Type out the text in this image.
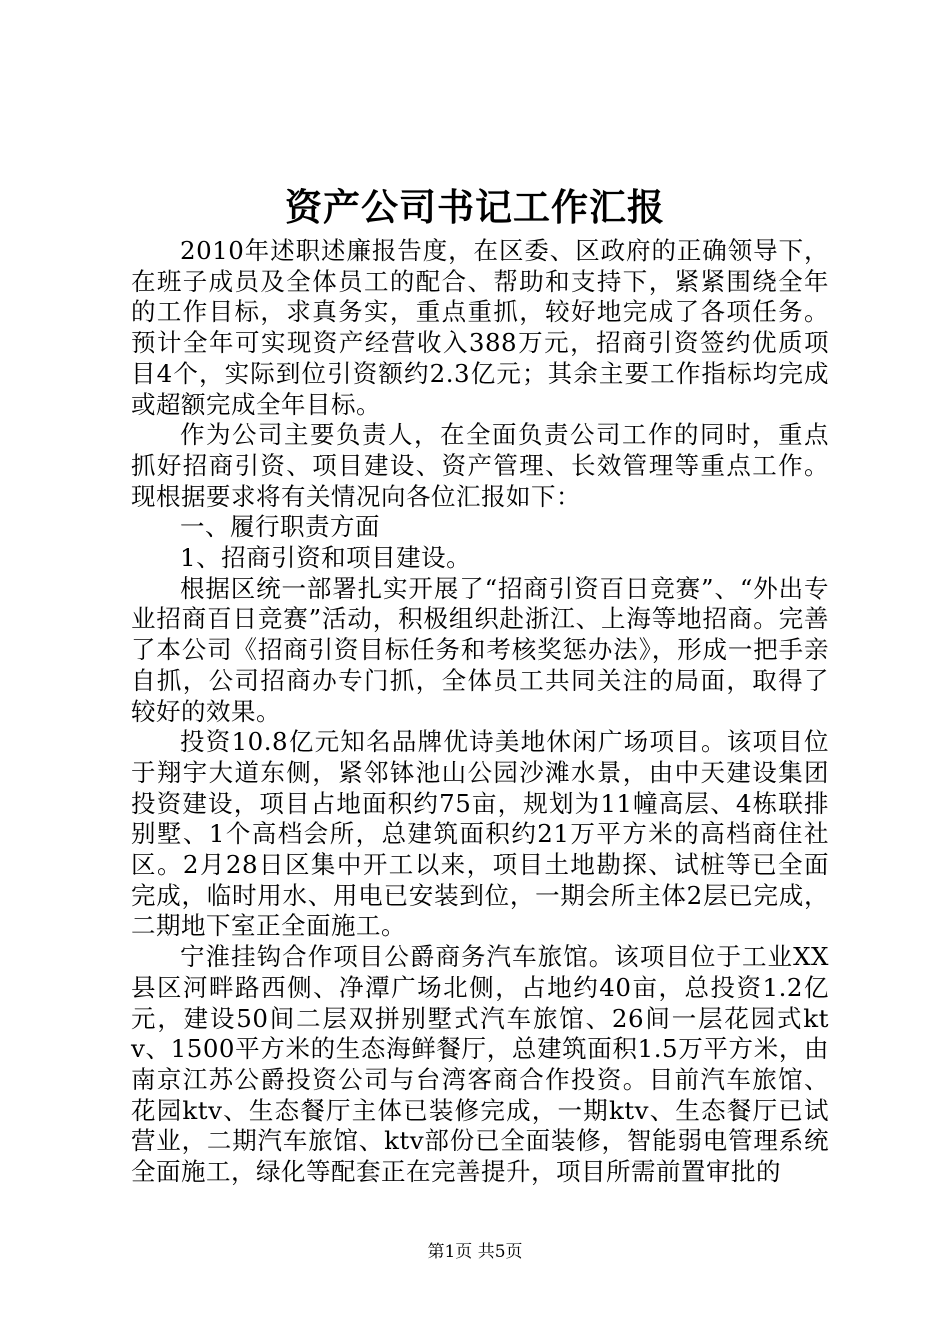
资产公司书记工作汇报

2010年述职述廉报告度，在区委、区政府的正确领导下，在班子成员及全体员工的配合、帮助和支持下，紧紧围绕全年的工作目标，求真务实，重点重抓，较好地完成了各项任务。预计全年可实现资产经营收入388万元，招商引资签约优质项目4个，实际到位引资额约2.3亿元；其余主要工作指标均完成或超额完成全年目标。

作为公司主要负责人，在全面负责公司工作的同时，重点抓好招商引资、项目建设、资产管理、长效管理等重点工作。现根据要求将有关情况向各位汇报如下：

一、履行职责方面

1、招商引资和项目建设。

根据区统一部署扎实开展了“招商引资百日竞赛”、“外出专业招商百日竞赛”活动，积极组织赴浙江、上海等地招商。完善了本公司《招商引资目标任务和考核奖惩办法》，形成一把手亲自抓，公司招商办专门抓，全体员工共同关注的局面，取得了较好的效果。

投资10.8亿元知名品牌优诗美地休闲广场项目。该项目位于翔宇大道东侧，紧邻钵池山公园沙滩水景，由中天建设集团投资建设，项目占地面积约75亩，规划为11幢高层、4栋联排别墅、1个高档会所，总建筑面积约21万平方米的高档商住社区。2月28日区集中开工以来，项目土地勘探、试桩等已全面完成，临时用水、用电已安装到位，一期会所主体2层已完成，二期地下室正全面施工。

宁淮挂钩合作项目公爵商务汽车旅馆。该项目位于工业XX县区河畔路西侧、净潭广场北侧，占地约40亩，总投资1.2亿元，建设50间二层双拼别墅式汽车旅馆、26间一层花园式ktv、1500平方米的生态海鲜餐厅，总建筑面积1.5万平方米，由南京江苏公爵投资公司与台湾客商合作投资。目前汽车旅馆、花园ktv、生态餐厅主体已装修完成，一期ktv、生态餐厅已试营业，二期汽车旅馆、ktv部份已全面装修，智能弱电管理系统全面施工，绿化等配套正在完善提升，项目所需前置审批的

第1页 共5页
